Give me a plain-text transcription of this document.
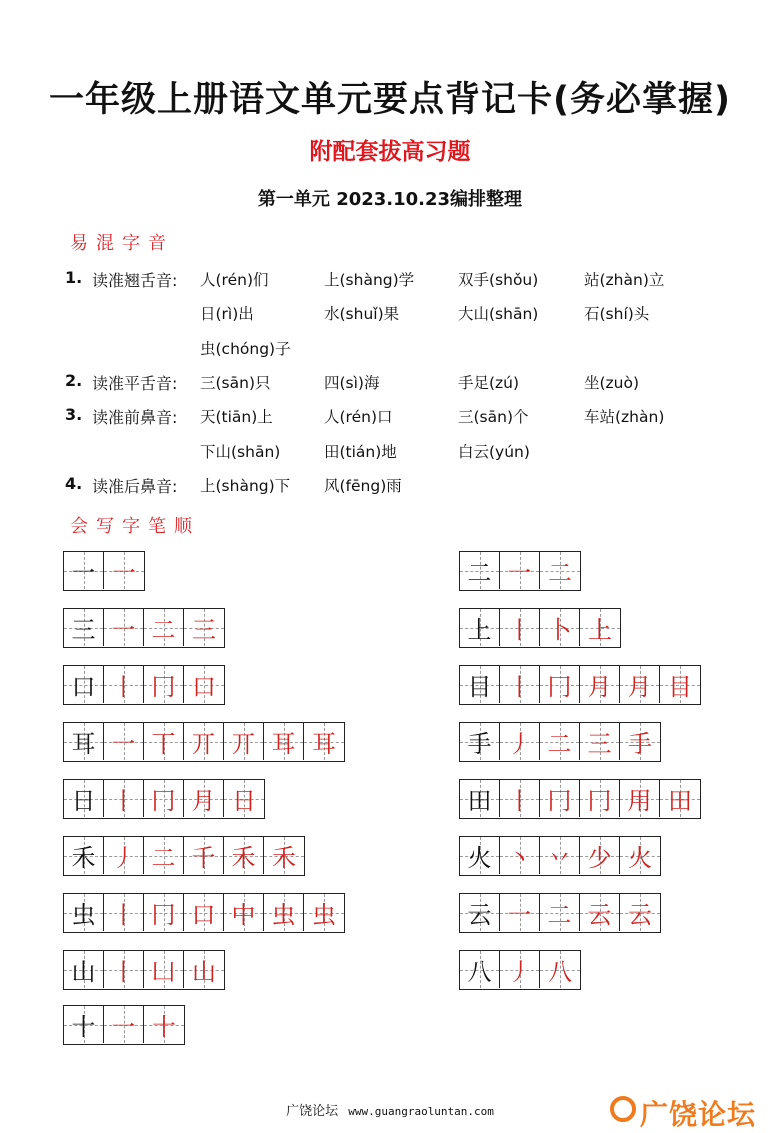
一年级上册语文单元要点背记卡(务必掌握)
附配套拔高习题
第一单元 2023.10.23编排整理
易混字音
1. 读准翘舌音: 人(rén)们	上(shàng)学	双手(shǒu)	站(zhàn)立
日(rì)出	水(shuǐ)果	大山(shān)	石(shí)头
虫(chóng)子
2. 读准平舌音: 三(sān)只	四(sì)海	手足(zú)	坐(zuò)
3. 读准前鼻音: 天(tiān)上	人(rén)口	三(sān)个	车站(zhàn)
下山(shān)	田(tián)地	白云(yún)
4. 读准后鼻音: 上(shàng)下 风(fēng)雨
会写字笔顺
一 一
三 一 二 三
口 丨 冂 口
耳 一 丅 丌 丌 耳 耳
日 丨 冂 月 日
禾 丿 二 千 禾 禾
虫 丨 冂 口 中 虫 虫
山 丨 凵 山
十 一 十
二 一 二
上 丨 卜 上
目 丨 冂 月 月 目
手 丿 二 三 手
田 丨 冂 冂 用 田
火 丶 丷 少 火
云 一 二 云 云
八 丿 八
广饶论坛 www.guangraoluntan.com	广饶论坛
